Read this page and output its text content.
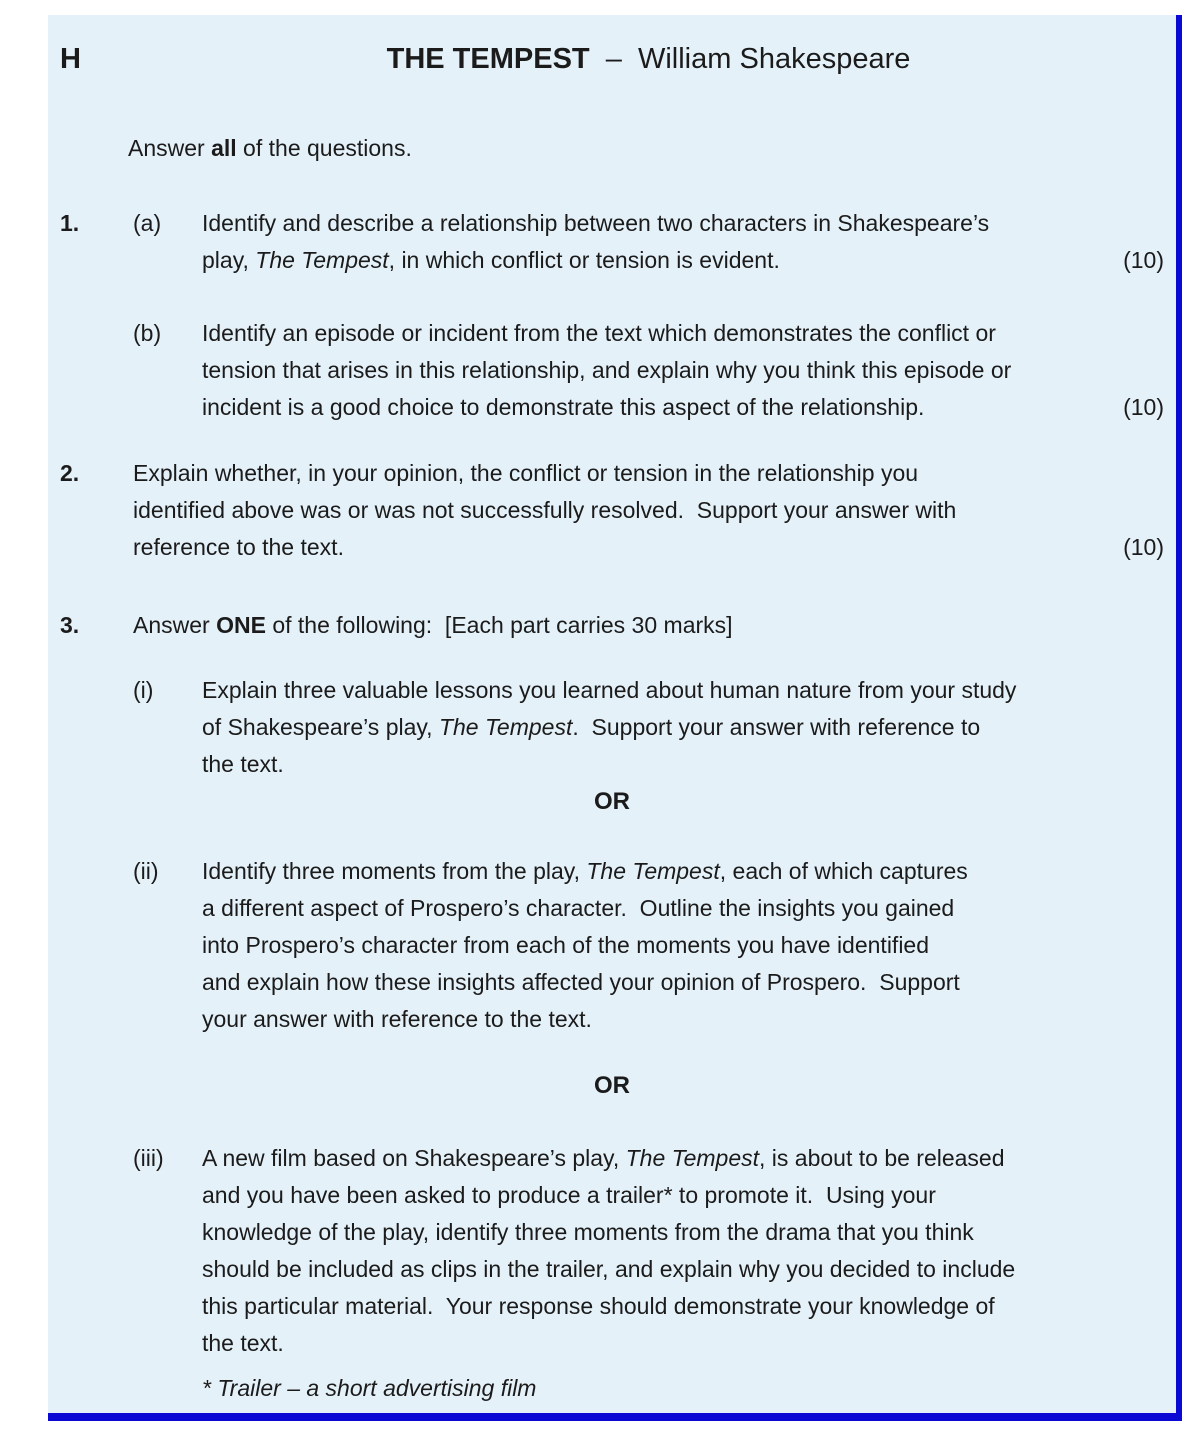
H	THE TEMPEST  –  William Shakespeare
Answer all of the questions.
1.	(a)	Identify and describe a relationship between two characters in Shakespeare’s
play, The Tempest, in which conflict or tension is evident.	(10)
(b)	Identify an episode or incident from the text which demonstrates the conflict or
tension that arises in this relationship, and explain why you think this episode or
incident is a good choice to demonstrate this aspect of the relationship.	(10)
2.	Explain whether, in your opinion, the conflict or tension in the relationship you
identified above was or was not successfully resolved.  Support your answer with
reference to the text.	(10)
3.	Answer ONE of the following:  [Each part carries 30 marks]
(i)	Explain three valuable lessons you learned about human nature from your study
of Shakespeare’s play, The Tempest.  Support your answer with reference to
the text.
OR
(ii)	Identify three moments from the play, The Tempest, each of which captures
a different aspect of Prospero’s character.  Outline the insights you gained
into Prospero’s character from each of the moments you have identified
and explain how these insights affected your opinion of Prospero.  Support
your answer with reference to the text.
OR
(iii)	A new film based on Shakespeare’s play, The Tempest, is about to be released
and you have been asked to produce a trailer* to promote it.  Using your
knowledge of the play, identify three moments from the drama that you think
should be included as clips in the trailer, and explain why you decided to include
this particular material.  Your response should demonstrate your knowledge of
the text.
* Trailer – a short advertising film
